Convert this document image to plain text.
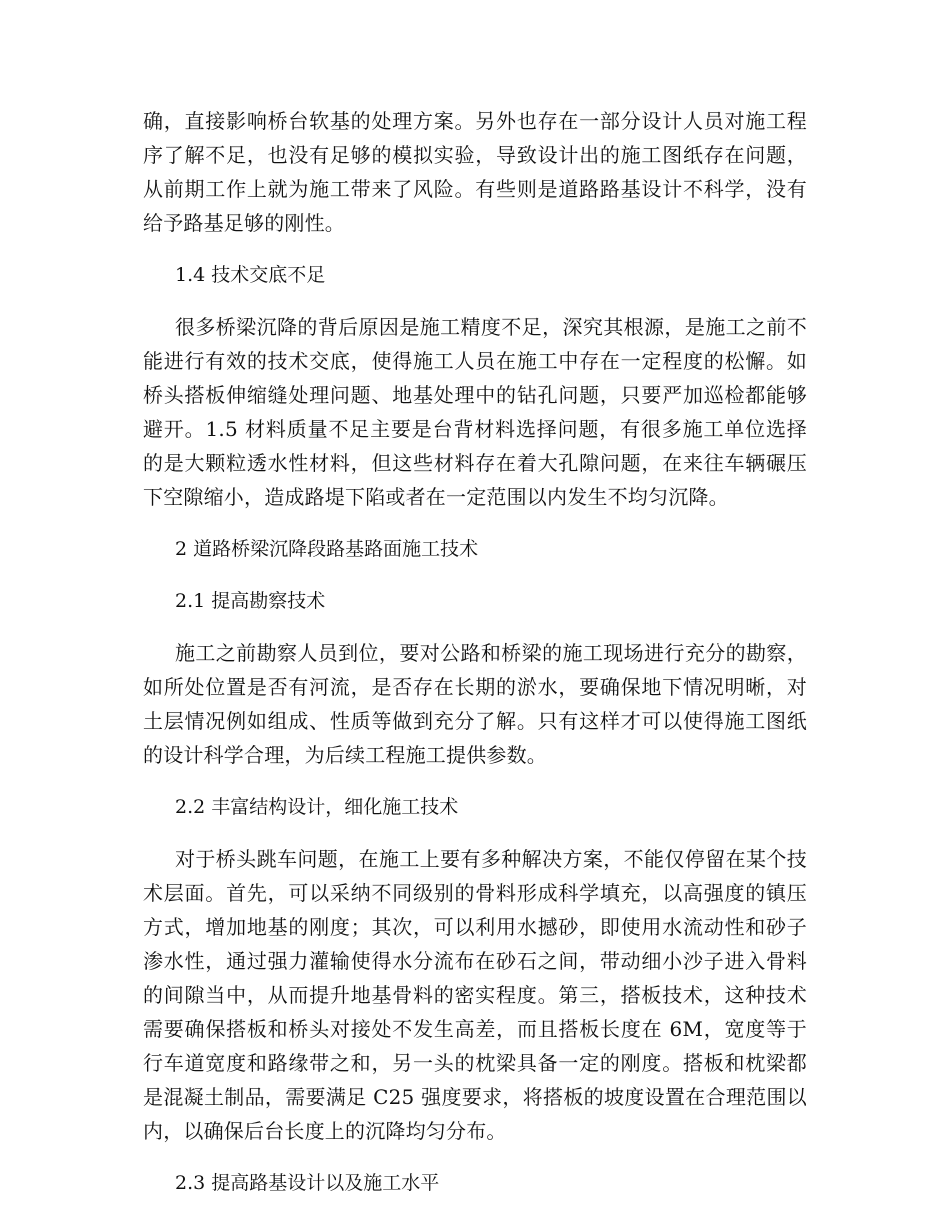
确，直接影响桥台软基的处理方案。另外也存在一部分设计人员对施工程序了解不足，也没有足够的模拟实验，导致设计出的施工图纸存在问题，从前期工作上就为施工带来了风险。有些则是道路路基设计不科学，没有给予路基足够的刚性。

1.4 技术交底不足

很多桥梁沉降的背后原因是施工精度不足，深究其根源，是施工之前不能进行有效的技术交底，使得施工人员在施工中存在一定程度的松懈。如桥头搭板伸缩缝处理问题、地基处理中的钻孔问题，只要严加巡检都能够避开。1.5 材料质量不足主要是台背材料选择问题，有很多施工单位选择的是大颗粒透水性材料，但这些材料存在着大孔隙问题，在来往车辆碾压下空隙缩小，造成路堤下陷或者在一定范围以内发生不均匀沉降。

2 道路桥梁沉降段路基路面施工技术

2.1 提高勘察技术

施工之前勘察人员到位，要对公路和桥梁的施工现场进行充分的勘察，如所处位置是否有河流，是否存在长期的淤水，要确保地下情况明晰，对土层情况例如组成、性质等做到充分了解。只有这样才可以使得施工图纸的设计科学合理，为后续工程施工提供参数。

2.2 丰富结构设计，细化施工技术

对于桥头跳车问题，在施工上要有多种解决方案，不能仅停留在某个技术层面。首先，可以采纳不同级别的骨料形成科学填充，以高强度的镇压方式，增加地基的刚度；其次，可以利用水撼砂，即使用水流动性和砂子渗水性，通过强力灌输使得水分流布在砂石之间，带动细小沙子进入骨料的间隙当中，从而提升地基骨料的密实程度。第三，搭板技术，这种技术需要确保搭板和桥头对接处不发生高差，而且搭板长度在 6M，宽度等于行车道宽度和路缘带之和，另一头的枕梁具备一定的刚度。搭板和枕梁都是混凝土制品，需要满足 C25 强度要求，将搭板的坡度设置在合理范围以内，以确保后台长度上的沉降均匀分布。

2.3 提高路基设计以及施工水平
